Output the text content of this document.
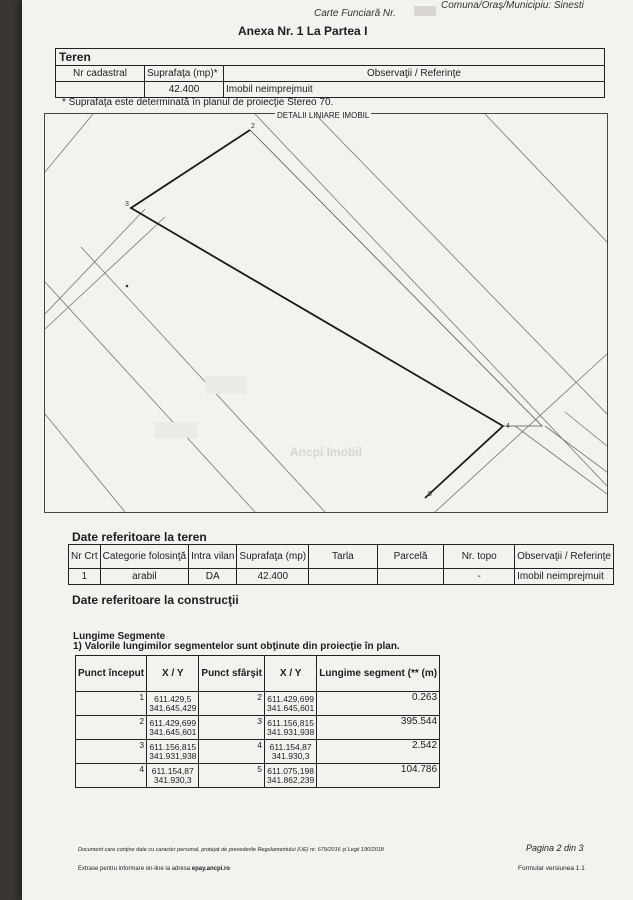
Carte Funciară Nr.
Comuna/Oraş/Municipiu: Sinesti
Anexa Nr. 1 La Partea I
Teren
Nr cadastral	Suprafaţa (mp)*	Observaţii / Referinţe
	42.400	Imobil neimprejmuit
* Suprafaţa este determinată în planul de proiecţie Stereo 70.
DETALII LINIARE IMOBIL
2
3
4
5
Ancpi Imobil
Date referitoare la teren
Nr Crt	Categorie folosinţă	Intra vilan	Suprafaţa (mp)	Tarla	Parcelă	Nr. topo	Observaţii / Referinţe
1	arabil	DA	42.400			-	Imobil neimprejmuit
Date referitoare la construcţii
Lungime Segmente
1) Valorile lungimilor segmentelor sunt obţinute din proiecţie în plan.
Punct început	X / Y	Punct sfârşit	X / Y	Lungime segment (** (m)
1	611.429,5
341.645,429	2	611.429,699
341.645,601	0.263
2	611.429,699
341.645,601	3	611.156,815
341.931,938	395.544
3	611.156,815
341.931,938	4	611.154,87
341.930,3	2.542
4	611.154,87
341.930,3	5	611.075,198
341.862,239	104.786
Document care conţine date cu caracter personal, protejat de prevederile Regulamentului (UE) nr. 679/2016 şi Legii 190/2018	Pagina 2 din 3
Extrase pentru informare on-line la adresa epay.ancpi.ro	Formular versiunea 1.1
